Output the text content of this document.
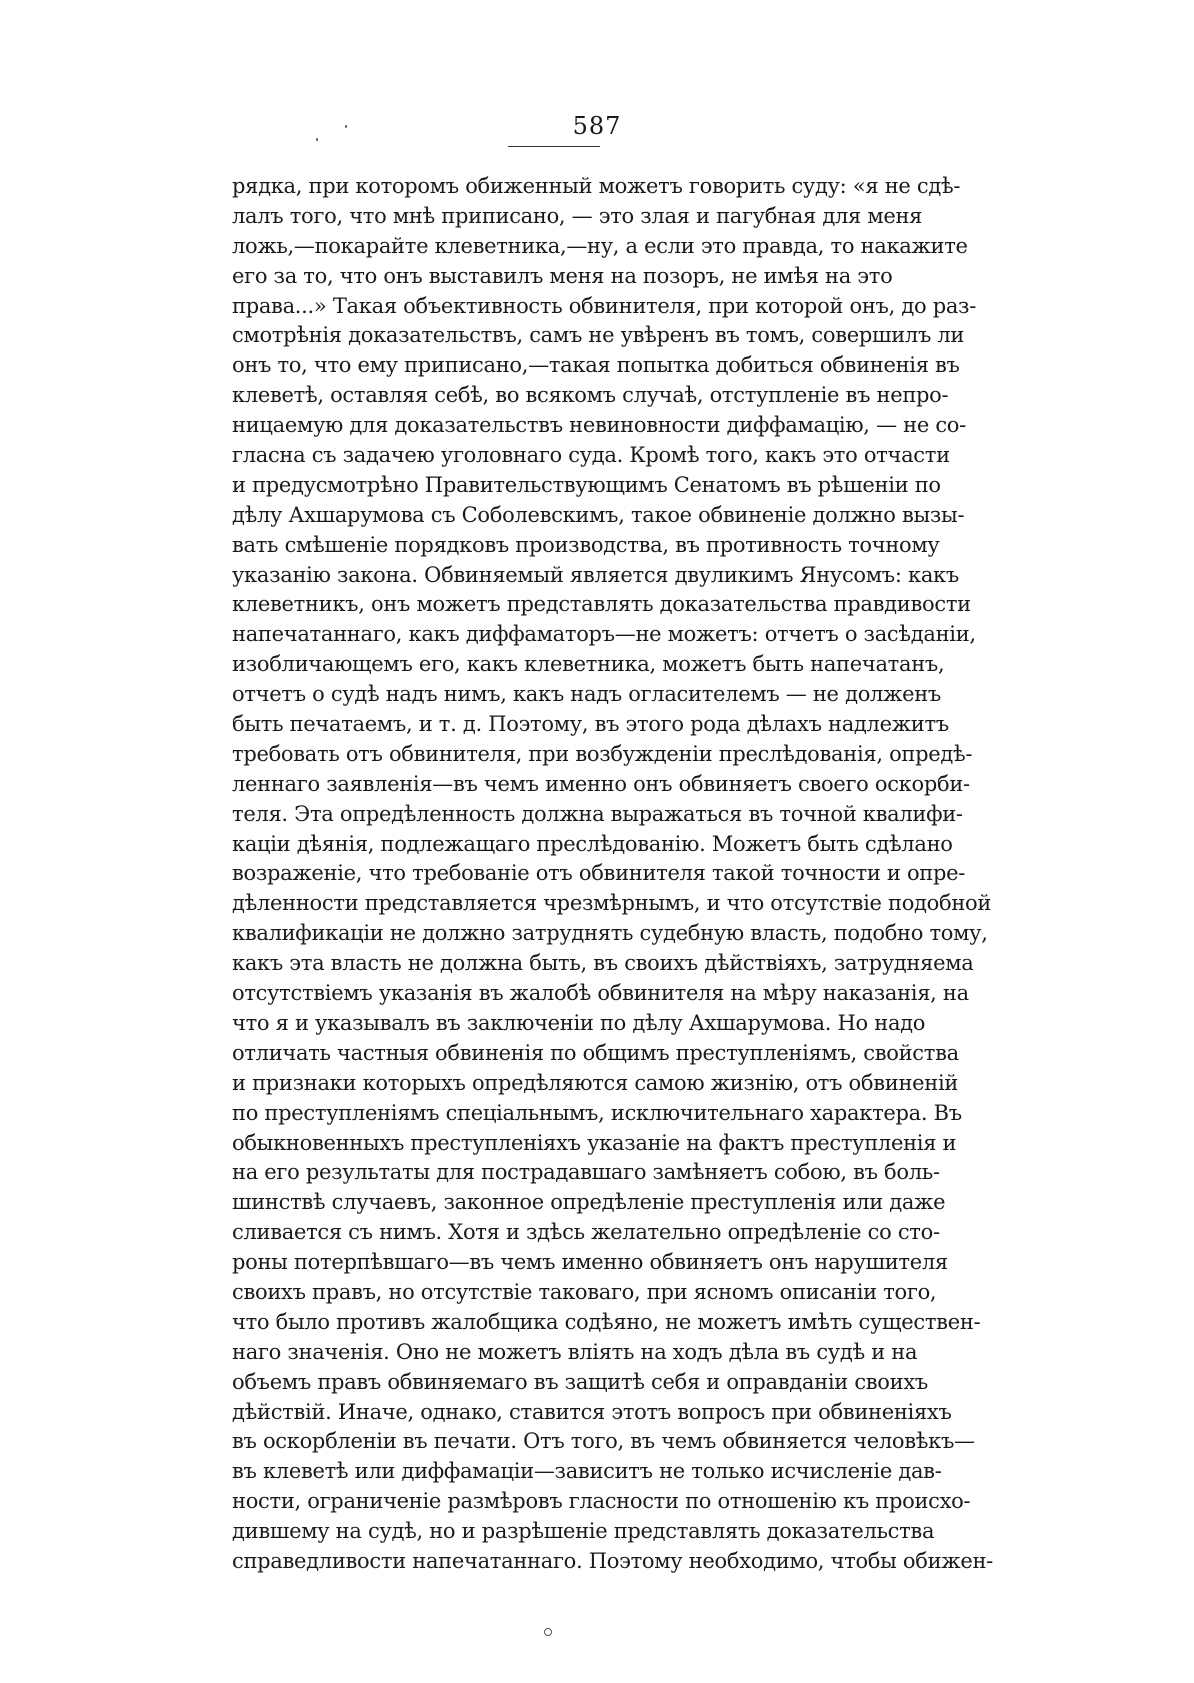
587
рядка, при которомъ обиженный можетъ говорить суду: «я не сдѣ-
лалъ того, что мнѣ приписано, — это злая и пагубная для меня
ложь,—покарайте клеветника,—ну, а если это правда, то накажите
его за то, что онъ выставилъ меня на позоръ, не имѣя на это
права...» Такая объективность обвинителя, при которой онъ, до раз-
смотрѣнія доказательствъ, самъ не увѣренъ въ томъ, совершилъ ли
онъ то, что ему приписано,—такая попытка добиться обвиненія въ
клеветѣ, оставляя себѣ, во всякомъ случаѣ, отступленіе въ непро-
ницаемую для доказательствъ невиновности диффамацію, — не со-
гласна съ задачею уголовнаго суда. Кромѣ того, какъ это отчасти
и предусмотрѣно Правительствующимъ Сенатомъ въ рѣшеніи по
дѣлу Ахшарумова съ Соболевскимъ, такое обвиненіе должно вызы-
вать смѣшеніе порядковъ производства, въ противность точному
указанію закона. Обвиняемый является двуликимъ Янусомъ: какъ
клеветникъ, онъ можетъ представлять доказательства правдивости
напечатаннаго, какъ диффаматоръ—не можетъ: отчетъ о засѣданіи,
изобличающемъ его, какъ клеветника, можетъ быть напечатанъ,
отчетъ о судѣ надъ нимъ, какъ надъ огласителемъ — не долженъ
быть печатаемъ, и т. д. Поэтому, въ этого рода дѣлахъ надлежитъ
требовать отъ обвинителя, при возбужденіи преслѣдованія, опредѣ-
леннаго заявленія—въ чемъ именно онъ обвиняетъ своего оскорби-
теля. Эта опредѣленность должна выражаться въ точной квалифи-
каціи дѣянія, подлежащаго преслѣдованію. Можетъ быть сдѣлано
возраженіе, что требованіе отъ обвинителя такой точности и опре-
дѣленности представляется чрезмѣрнымъ, и что отсутствіе подобной
квалификаціи не должно затруднять судебную власть, подобно тому,
какъ эта власть не должна быть, въ своихъ дѣйствіяхъ, затрудняема
отсутствіемъ указанія въ жалобѣ обвинителя на мѣру наказанія, на
что я и указывалъ въ заключеніи по дѣлу Ахшарумова. Но надо
отличать частныя обвиненія по общимъ преступленіямъ, свойства
и признаки которыхъ опредѣляются самою жизнію, отъ обвиненій
по преступленіямъ спеціальнымъ, исключительнаго характера. Въ
обыкновенныхъ преступленіяхъ указаніе на фактъ преступленія и
на его результаты для пострадавшаго замѣняетъ собою, въ боль-
шинствѣ случаевъ, законное опредѣленіе преступленія или даже
сливается съ нимъ. Хотя и здѣсь желательно опредѣленіе со сто-
роны потерпѣвшаго—въ чемъ именно обвиняетъ онъ нарушителя
своихъ правъ, но отсутствіе таковаго, при ясномъ описаніи того,
что было противъ жалобщика содѣяно, не можетъ имѣть существен-
наго значенія. Оно не можетъ вліять на ходъ дѣла въ судѣ и на
объемъ правъ обвиняемаго въ защитѣ себя и оправданіи своихъ
дѣйствій. Иначе, однако, ставится этотъ вопросъ при обвиненіяхъ
въ оскорбленіи въ печати. Отъ того, въ чемъ обвиняется человѣкъ—
въ клеветѣ или диффамаціи—зависитъ не только исчисленіе дав-
ности, ограниченіе размѣровъ гласности по отношенію къ происхо-
дившему на судѣ, но и разрѣшеніе представлять доказательства
справедливости напечатаннаго. Поэтому необходимо, чтобы обижен-
